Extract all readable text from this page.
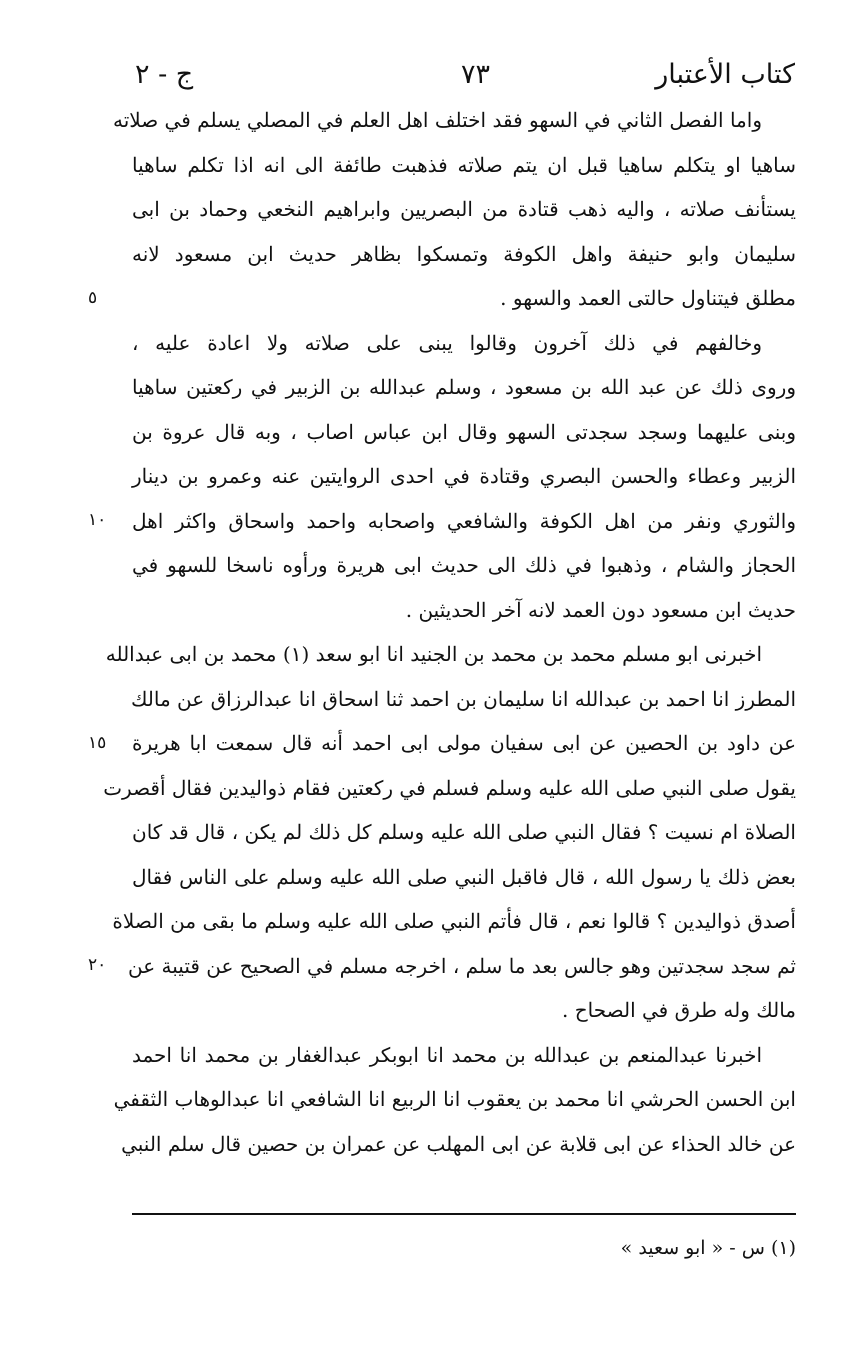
كتاب الأعتبار
٧٣
ج - ٢
٥
١٠
١٥
٢٠
واما الفصل الثاني في السهو فقد اختلف اهل العلم في المصلي يسلم في صلاته
ساهيا او يتكلم ساهيا قبل ان يتم صلاته فذهبت طائفة الى انه اذا تكلم ساهيا
يستأنف صلاته ، واليه ذهب قتادة من البصريين وابراهيم النخعي وحماد بن ابى
سليمان وابو حنيفة واهل الكوفة وتمسكوا بظاهر حديث ابن مسعود لانه
مطلق فيتناول حالتى العمد والسهو .
وخالفهم في ذلك آخرون وقالوا يبنى على صلاته ولا اعادة عليه ،
وروى ذلك عن عبد الله بن مسعود ، وسلم عبدالله بن الزبير في ركعتين ساهيا
وبنى عليهما وسجد سجدتى السهو وقال ابن عباس اصاب ، وبه قال عروة بن
الزبير وعطاء والحسن البصري وقتادة في احدى الروايتين عنه وعمرو بن دينار
والثوري ونفر من اهل الكوفة والشافعي واصحابه واحمد واسحاق واكثر اهل
الحجاز والشام ، وذهبوا في ذلك الى حديث ابى هريرة ورأوه ناسخا للسهو في
حديث ابن مسعود دون العمد لانه آخر الحديثين .
اخبرنى ابو مسلم محمد بن محمد بن الجنيد انا ابو سعد (١) محمد بن ابى عبدالله
المطرز انا احمد بن عبدالله انا سليمان بن احمد ثنا اسحاق انا عبدالرزاق عن مالك
عن داود بن الحصين عن ابى سفيان مولى ابى احمد أنه قال سمعت ابا هريرة
يقول صلى النبي صلى الله عليه وسلم فسلم في ركعتين فقام ذواليدين فقال أقصرت
الصلاة ام نسيت ؟ فقال النبي صلى الله عليه وسلم كل ذلك لم يكن ، قال قد كان
بعض ذلك يا رسول الله ، قال فاقبل النبي صلى الله عليه وسلم على الناس فقال
أصدق ذواليدين ؟ قالوا نعم ، قال فأتم النبي صلى الله عليه وسلم ما بقى من الصلاة
ثم سجد سجدتين وهو جالس بعد ما سلم ، اخرجه مسلم في الصحيح عن قتيبة عن
مالك وله طرق في الصحاح .
اخبرنا عبدالمنعم بن عبدالله بن محمد انا ابوبكر عبدالغفار بن محمد انا احمد
ابن الحسن الحرشي انا محمد بن يعقوب انا الربيع انا الشافعي انا عبدالوهاب الثقفي
عن خالد الحذاء عن ابى قلابة عن ابى المهلب عن عمران بن حصين قال سلم النبي
(١) س - « ابو سعيد »
